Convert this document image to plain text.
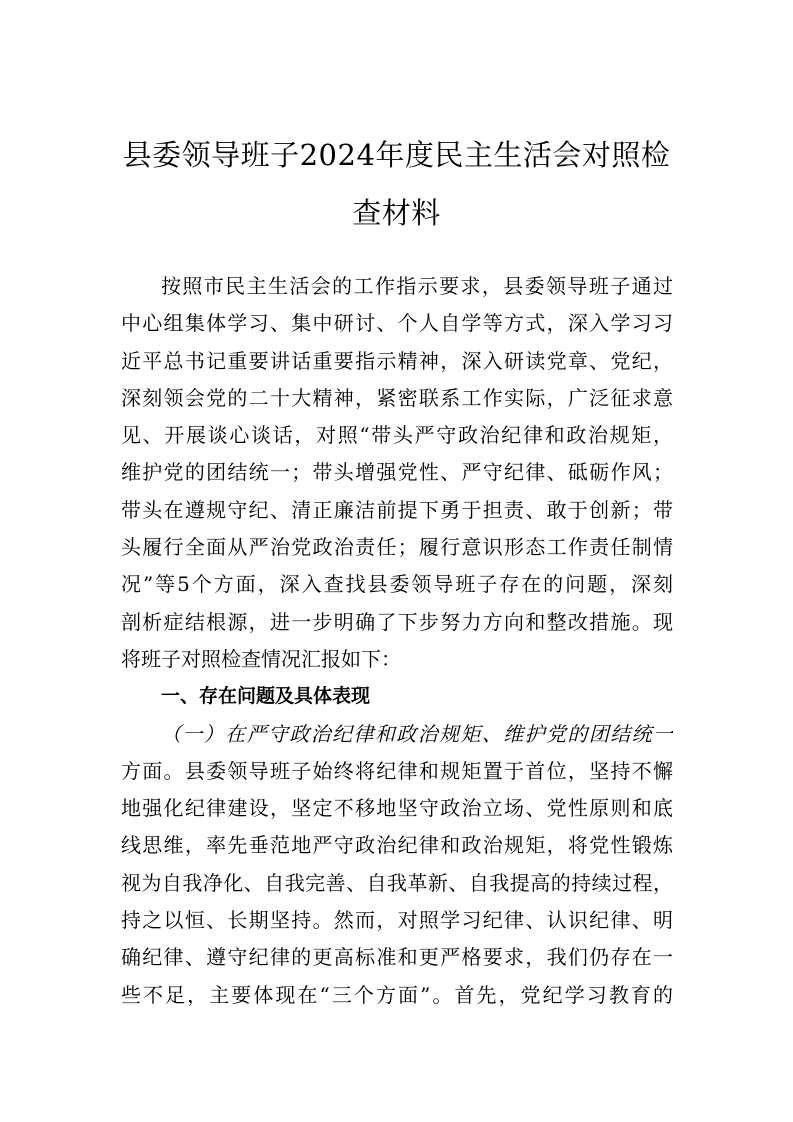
县委领导班子2024年度民主生活会对照检
查材料
按照市民主生活会的工作指示要求，县委领导班子通过
中心组集体学习、集中研讨、个人自学等方式，深入学习习
近平总书记重要讲话重要指示精神，深入研读党章、党纪，
深刻领会党的二十大精神，紧密联系工作实际，广泛征求意
见、开展谈心谈话，对照“带头严守政治纪律和政治规矩，
维护党的团结统一；带头增强党性、严守纪律、砥砺作风；
带头在遵规守纪、清正廉洁前提下勇于担责、敢于创新；带
头履行全面从严治党政治责任；履行意识形态工作责任制情
况”等5个方面，深入查找县委领导班子存在的问题，深刻
剖析症结根源，进一步明确了下步努力方向和整改措施。现
将班子对照检查情况汇报如下：
一、存在问题及具体表现
（一）在严守政治纪律和政治规矩、维护党的团结统一
方面。县委领导班子始终将纪律和规矩置于首位，坚持不懈
地强化纪律建设，坚定不移地坚守政治立场、党性原则和底
线思维，率先垂范地严守政治纪律和政治规矩，将党性锻炼
视为自我净化、自我完善、自我革新、自我提高的持续过程，
持之以恒、长期坚持。然而，对照学习纪律、认识纪律、明
确纪律、遵守纪律的更高标准和更严格要求，我们仍存在一
些不足，主要体现在“三个方面”。首先，党纪学习教育的
